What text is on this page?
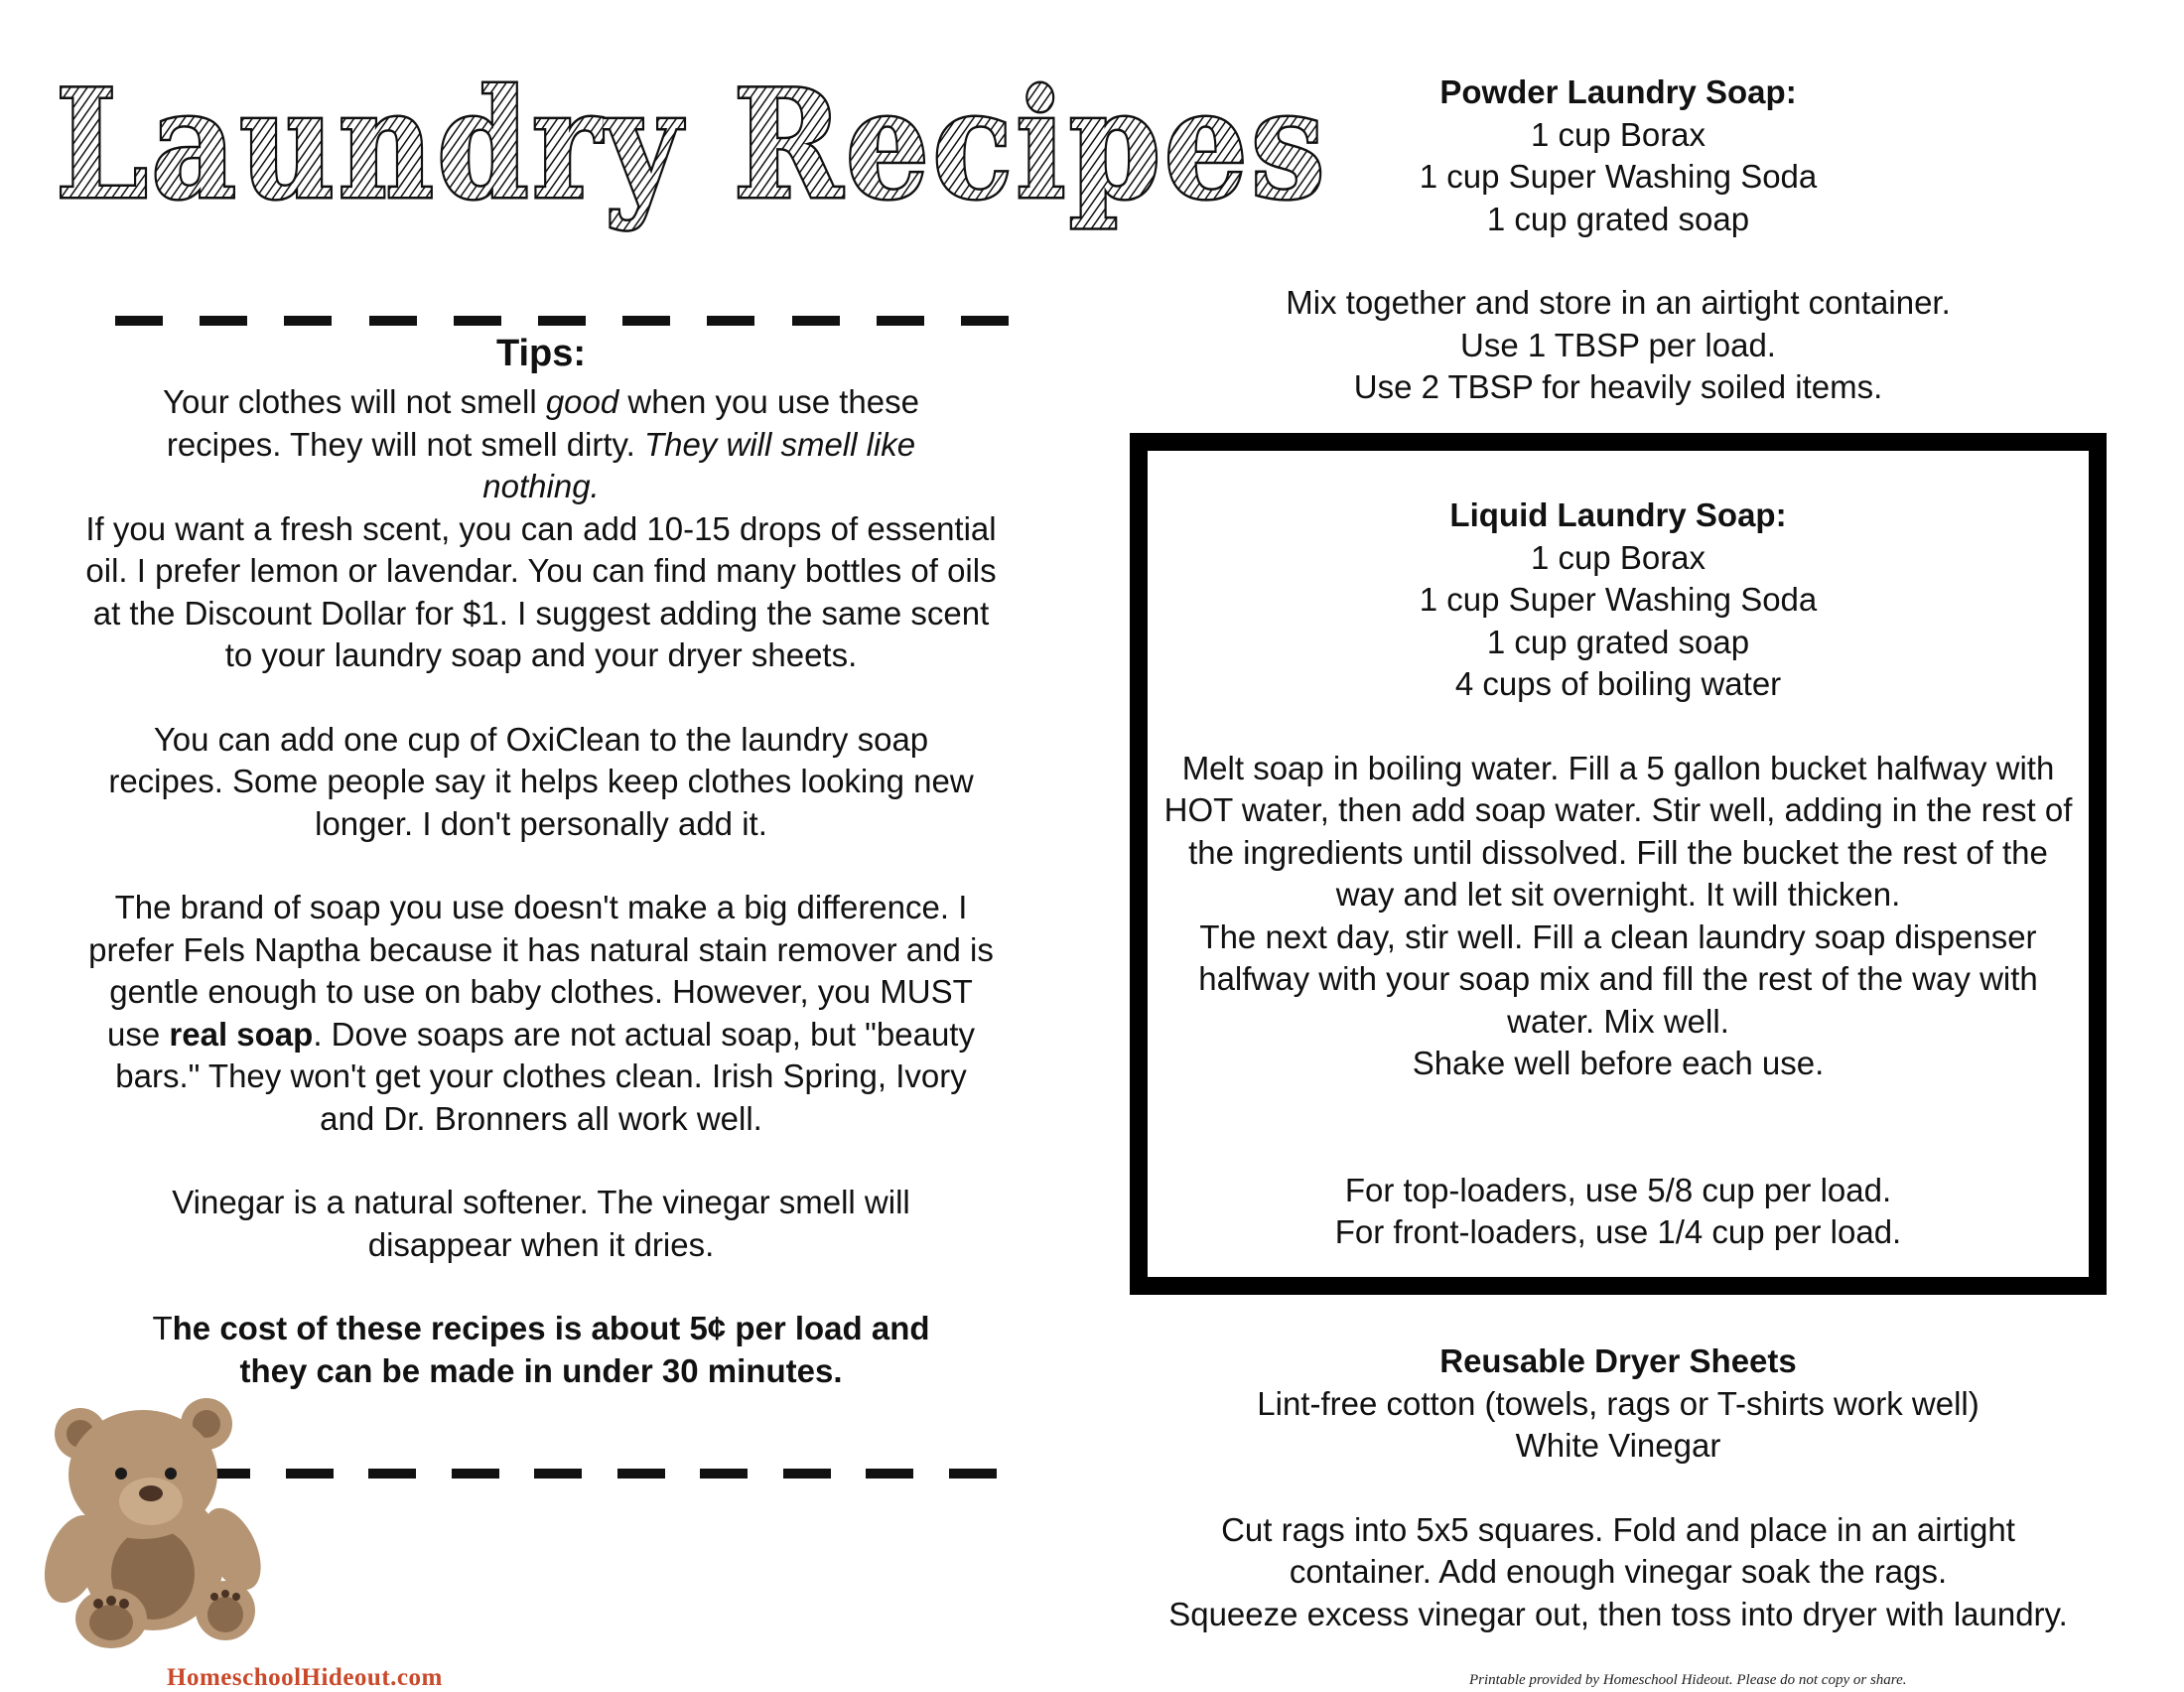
Laundry Recipes
Tips:
Your clothes will not smell good when you use these recipes. They will not smell dirty. They will smell like nothing.
If you want a fresh scent, you can add 10-15 drops of essential oil. I prefer lemon or lavendar. You can find many bottles of oils at the Discount Dollar for $1. I suggest adding the same scent to your laundry soap and your dryer sheets.
You can add one cup of OxiClean to the laundry soap recipes. Some people say it helps keep clothes looking new longer. I don't personally add it.
The brand of soap you use doesn't make a big difference. I prefer Fels Naptha because it has natural stain remover and is gentle enough to use on baby clothes. However, you MUST use real soap. Dove soaps are not actual soap, but "beauty bars." They won't get your clothes clean. Irish Spring, Ivory and Dr. Bronners all work well.
Vinegar is a natural softener. The vinegar smell will disappear when it dries.
The cost of these recipes is about 5¢ per load and they can be made in under 30 minutes.
HomeschoolHideout.com
Powder Laundry Soap:
1 cup Borax
1 cup Super Washing Soda
1 cup grated soap
Mix together and store in an airtight container.
Use 1 TBSP per load.
Use 2 TBSP for heavily soiled items.
Liquid Laundry Soap:
1 cup Borax
1 cup Super Washing Soda
1 cup grated soap
4 cups of boiling water
Melt soap in boiling water. Fill a 5 gallon bucket halfway with HOT water, then add soap water. Stir well, adding in the rest of the ingredients until dissolved. Fill the bucket the rest of the way and let sit overnight. It will thicken.
The next day, stir well. Fill a clean laundry soap dispenser halfway with your soap mix and fill the rest of the way with water. Mix well.
Shake well before each use.
For top-loaders, use 5/8 cup per load.
For front-loaders, use 1/4 cup per load.
Reusable Dryer Sheets
Lint-free cotton (towels, rags or T-shirts work well)
White Vinegar
Cut rags into 5x5 squares. Fold and place in an airtight container. Add enough vinegar soak the rags.
Squeeze excess vinegar out, then toss into dryer with laundry.
Printable provided by Homeschool Hideout. Please do not copy or share.
